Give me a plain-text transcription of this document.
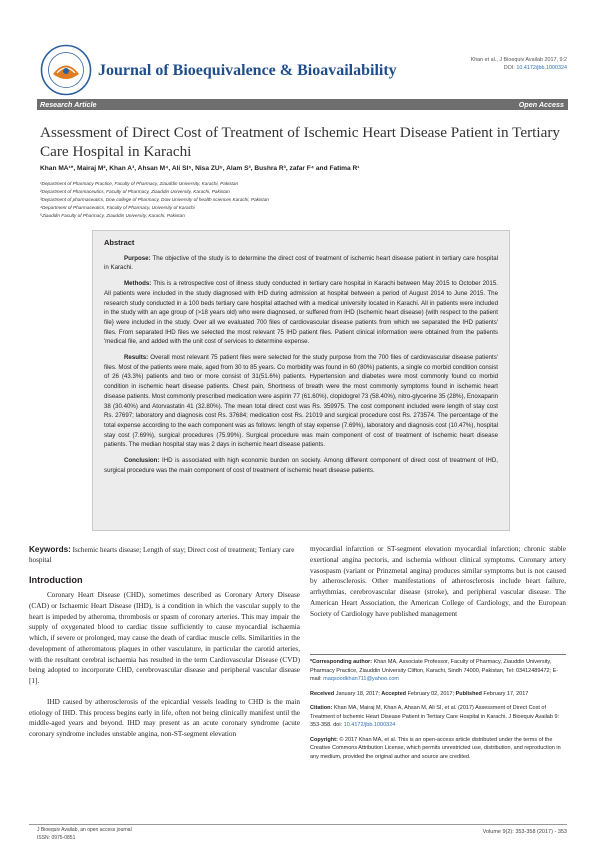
Journal of Bioequivalence & Bioavailability
Khan et al., J Bioequiv Availab 2017, 9:2
DOI: 10.4172/jbb.1000324
Research Article	Open Access
Assessment of Direct Cost of Treatment of Ischemic Heart Disease Patient in Tertiary Care Hospital in Karachi
Khan MA¹*, Mairaj M², Khan A³, Ahsan M⁴, Ali SI⁵, Nisa ZU⁵, Alam S³, Bushra R³, zafar F⁴ and Fatima R¹
¹Department of Pharmacy Practice, Faculty of Pharmacy, Ziauddin University, Karachi, Pakistan
²Department of Pharmaceutics, Faculty of Pharmacy, Ziauddin University, Karachi, Pakistan
³Department of pharmaceutics, Dow college of Pharmacy, Dow University of health sciences Karachi, Pakistan
⁴Department of Pharmaceutics, Faculty of Pharmacy, University of Karachi
⁵Ziauddin Faculty of Pharmacy, Ziauddin University, Karachi, Pakistan
Abstract

Purpose: The objective of the study is to determine the direct cost of treatment of ischemic heart disease patient in tertiary care hospital in Karachi.

Methods: This is a retrospective cost of illness study conducted in tertiary care hospital in Karachi between May 2015 to October 2015. All patients were included in the study diagnosed with IHD during admission at hospital between a period of August 2014 to June 2015. The research study conducted in a 100 beds tertiary care hospital attached with a medical university located in Karachi. All in patients were included in the study with an age group of (>18 years old) who were diagnosed, or suffered from IHD (Ischemic heart disease) {with respect to the patient file} were included in the study. Over all we evaluated 700 files of cardiovascular disease patients from which we separated the IHD patients' files. From separated IHD files we selected the most relevant 75 IHD patient files. Patient clinical information were obtained from the patients 'medical file, and added with the unit cost of services to determine expense.

Results: Overall most relevant 75 patient files were selected for the study purpose from the 700 files of cardiovascular disease patients' files. Most of the patients were male, aged from 30 to 85 years. Co morbidity was found in 60 (80%) patients, a single co morbid condition consist of 26 (43.3%) patients and two or more consist of 31(51.6%) patients. Hypertension and diabetes were most commonly found co morbid condition in ischemic heart disease patients. Chest pain, Shortness of breath were the most commonly symptoms found in ischemic heart disease patients. Most commonly prescribed medication were aspirin 77 (61.60%), clopidogrel 73 (58.40%), nitro-glycerine 35 (28%), Enoxaparin 38 (30.40%) and Atorvastatin 41 (32.80%). The mean total direct cost was Rs. 359975. The cost component included were length of stay cost Rs. 27697; laboratory and diagnosis cost Rs. 37684; medication cost Rs. 21019 and surgical procedure cost Rs. 273574. The percentage of the total expense according to the each component was as follows: length of stay expense (7.69%), laboratory and diagnosis cost (10.47%), hospital stay cost (7.69%), surgical procedures (75.99%). Surgical procedure was main component of cost of treatment of Ischemic heart disease patients. The median hospital stay was 2 days in ischemic heart disease patients.

Conclusion: IHD is associated with high economic burden on society. Among different component of direct cost of treatment of IHD, surgical procedure was the main component of cost of treatment of ischemic heart disease patients.

Keywords: Ischemic hearts disease; Length of stay; Direct cost of treatment; Tertiary care hospital
Introduction

Coronary Heart Disease (CHD), sometimes described as Coronary Artery Disease (CAD) or Ischaemic Heart Disease (IHD), is a condition in which the vascular supply to the heart is impeded by atheroma, thrombosis or spasm of coronary arteries. This may impair the supply of oxygenated blood to cardiac tissue sufficiently to cause myocardial ischaemia which, if severe or prolonged, may cause the death of cardiac muscle cells. Similarities in the development of atheromatous plaques in other vasculature, in particular the carotid arteries, with the resultant cerebral ischaemia has resulted in the term Cardiovascular Disease (CVD) being adopted to incorporate CHD, cerebrovascular disease and peripheral vascular disease [1].

IHD caused by atherosclerosis of the epicardial vessels leading to CHD is the main etiology of IHD. This process begins early in life, often not being clinically manifest until the middle-aged years and beyond. IHD may present as an acute coronary syndrome (acute coronary syndrome includes unstable angina, non-ST-segment elevation

myocardial infarction or ST-segment elevation myocardial infarction; chronic stable exertional angina pectoris, and ischemia without clinical symptoms. Coronary artery vasospasm (variant or Prinzmetal angina) produces similar symptoms but is not caused by atherosclerosis. Other manifestations of atherosclerosis include heart failure, arrhythmias, cerebrovascular disease (stroke), and peripheral vascular disease. The American Heart Association, the American College of Cardiology, and the European Society of Cardiology have published management
*Corresponding author: Khan MA, Associate Professor, Faculty of Pharmacy, Ziauddin University, Pharmacy Practice, Ziauddin University Clifton, Karachi, Sindh 74000, Pakistan, Tel: 03412489472; E-mail: maqsoodkhan711@yahoo.com
Received January 18, 2017; Accepted February 02, 2017; Published February 17, 2017
Citation: Khan MA, Mairaj M, Khan A, Ahsan M, Ali SI, et al. (2017) Assessment of Direct Cost of Treatment of Ischemic Heart Disease Patient in Tertiary Care Hospital in Karachi. J Bioequiv Availab 9: 353-358. doi: 10.4172/jbb.1000324
Copyright: © 2017 Khan MA, et al. This is an open-access article distributed under the terms of the Creative Commons Attribution License, which permits unrestricted use, distribution, and reproduction in any medium, provided the original author and source are credited.
J Bioequiv Availab, an open access journal
ISSN: 0975-0851
Volume 9(2): 353-358 (2017) - 353
